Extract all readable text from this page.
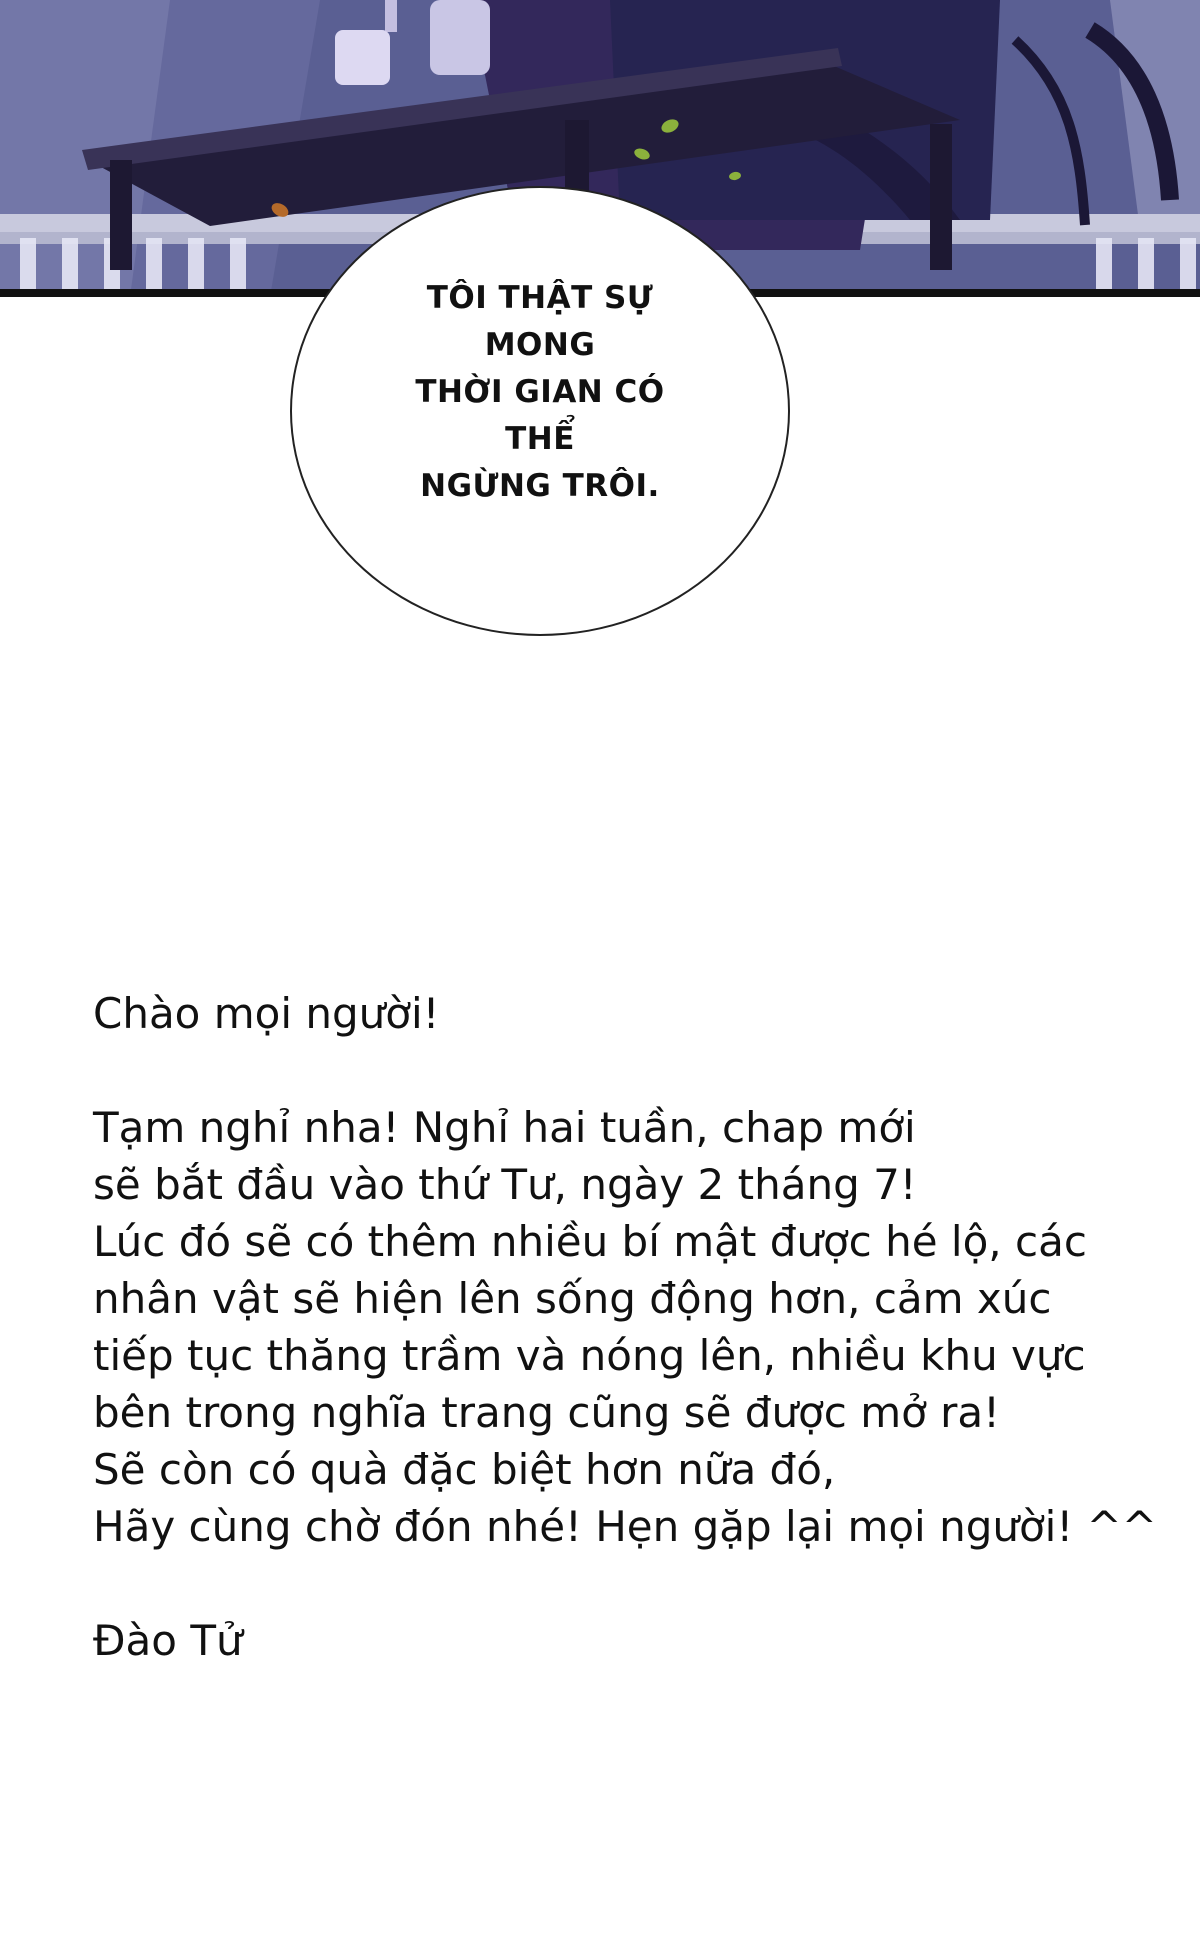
TÔI THẬT SỰ MONG
THỜI GIAN CÓ THỂ
NGỪNG TRÔI.
Chào mọi người!
Tạm nghỉ nha! Nghỉ hai tuần, chap mới
sẽ bắt đầu vào thứ Tư, ngày 2 tháng 7!
Lúc đó sẽ có thêm nhiều bí mật được hé lộ, các
nhân vật sẽ hiện lên sống động hơn, cảm xúc
tiếp tục thăng trầm và nóng lên, nhiều khu vực
bên trong nghĩa trang cũng sẽ được mở ra!
Sẽ còn có quà đặc biệt hơn nữa đó,
Hãy cùng chờ đón nhé! Hẹn gặp lại mọi người! ^^
Đào Tử
